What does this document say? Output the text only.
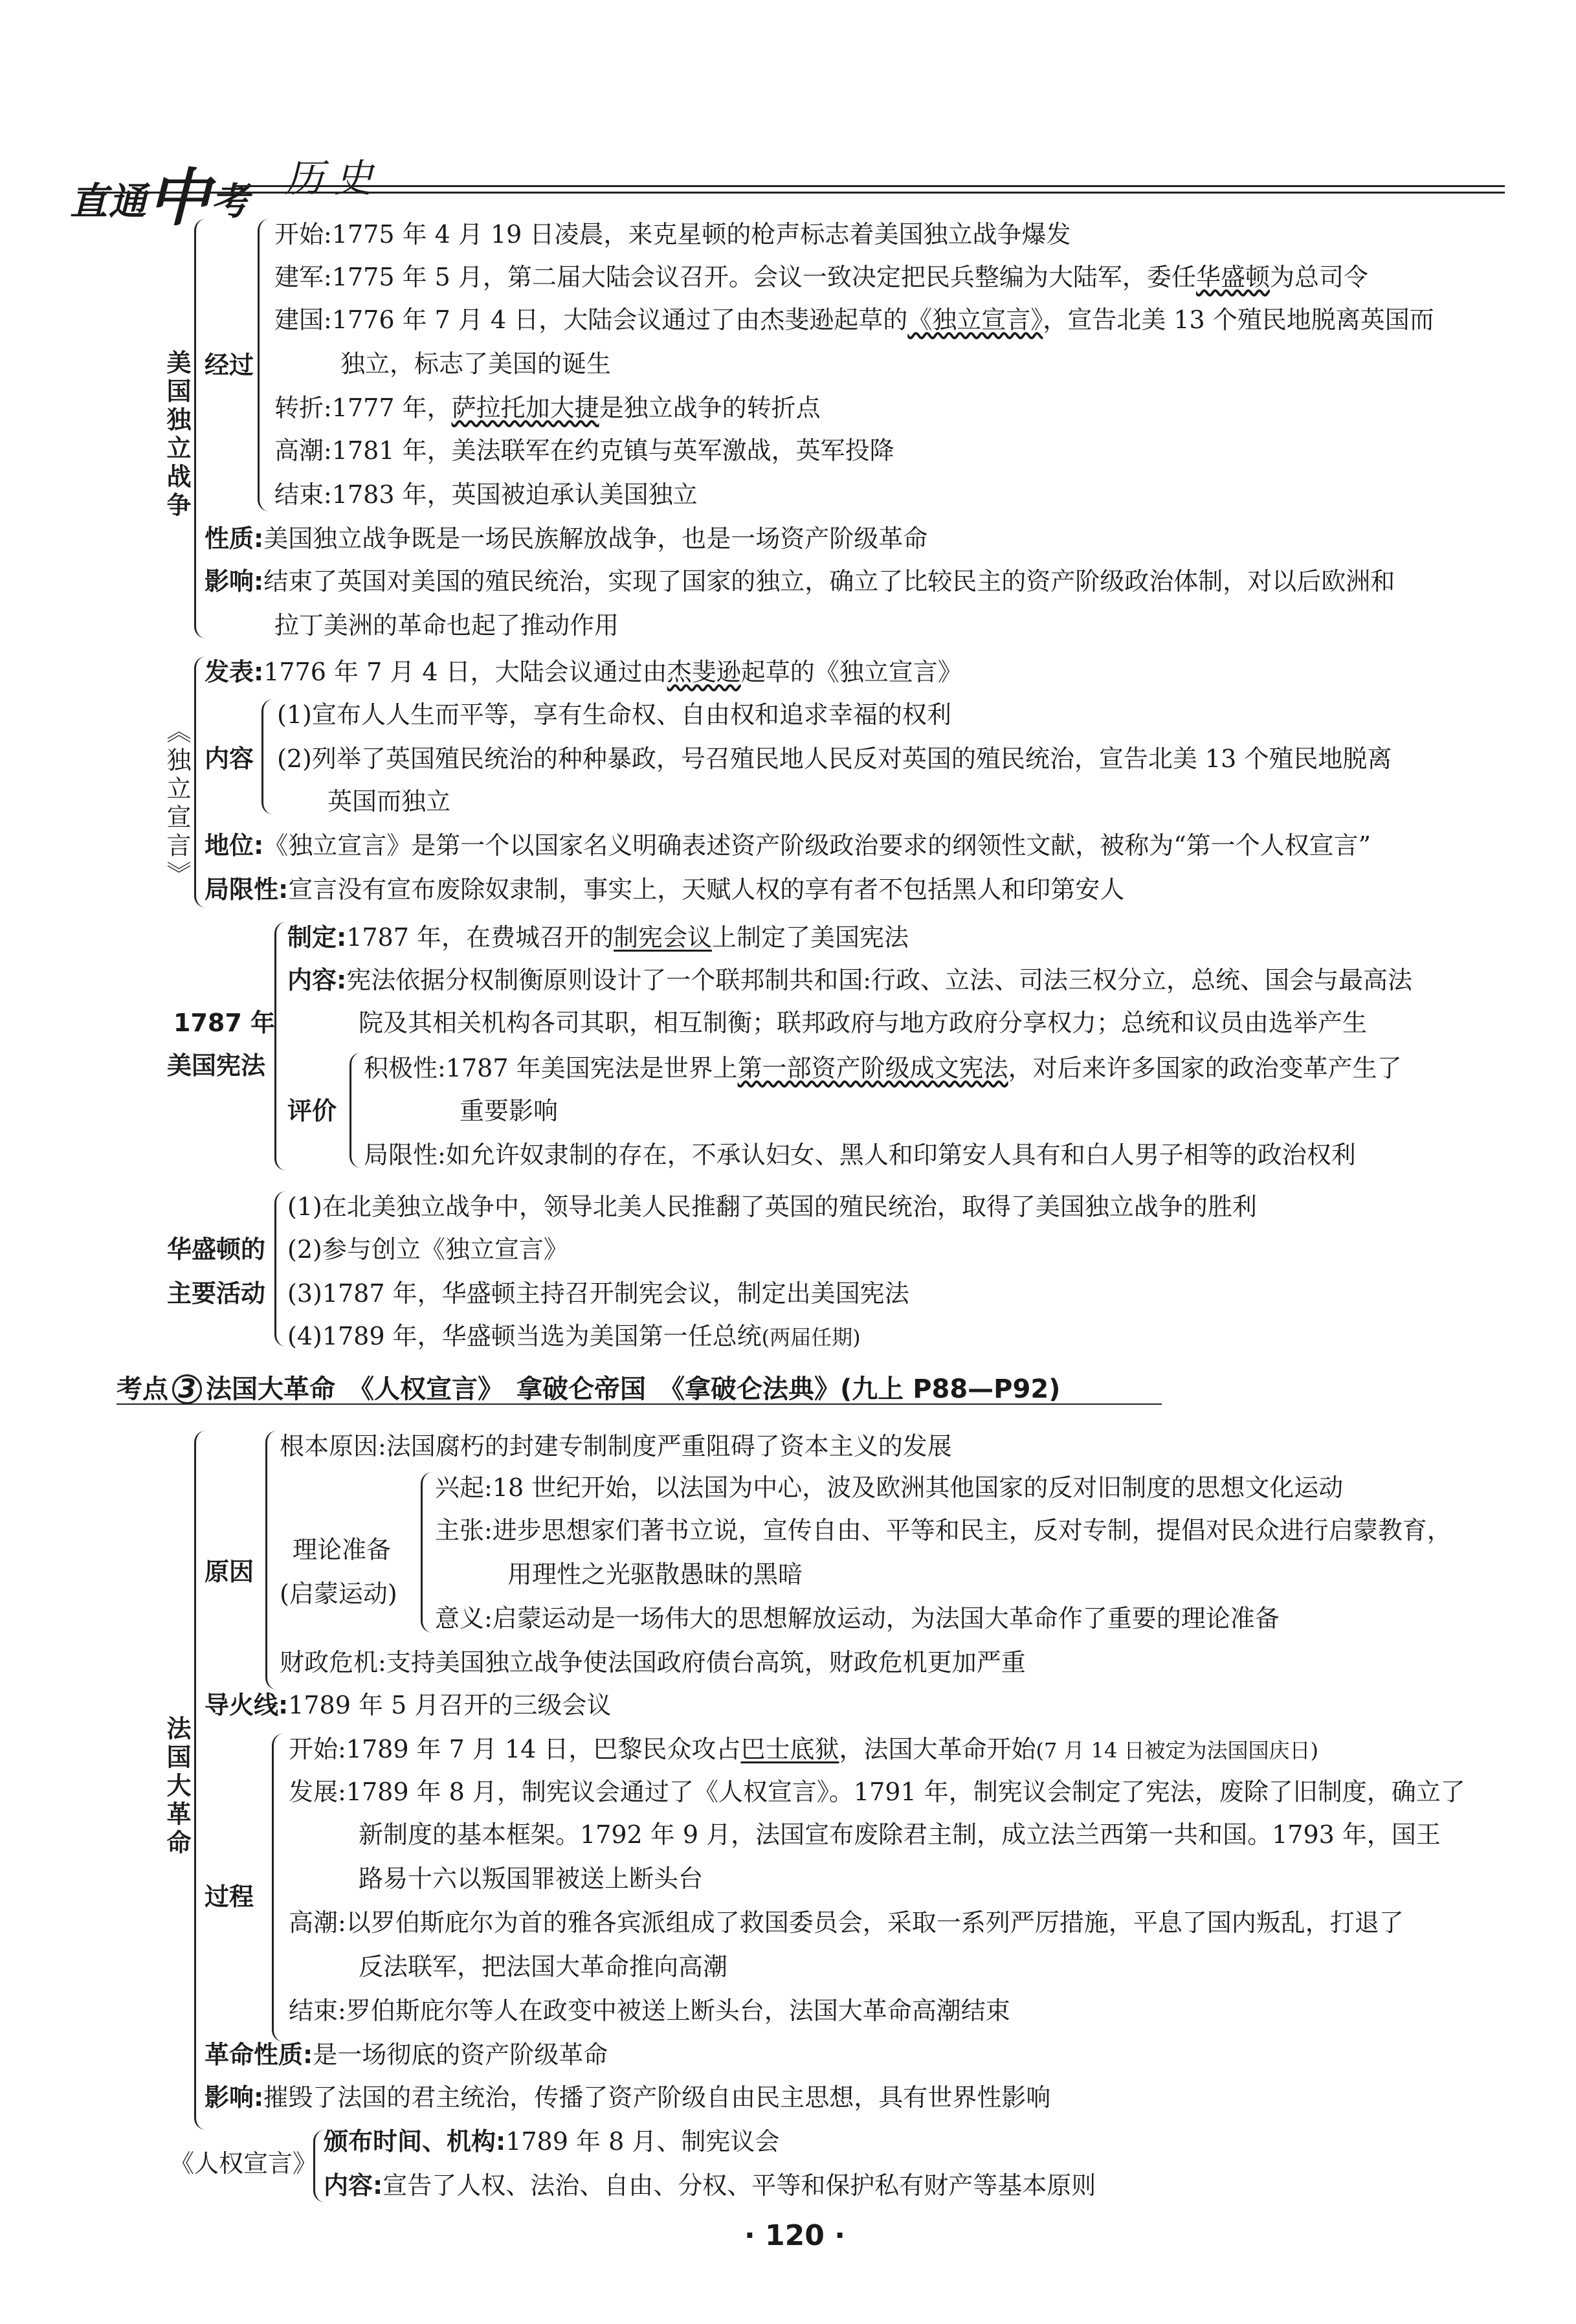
直通中考 历史
美国独立战争 经过
开始:1775 年 4 月 19 日凌晨，来克星顿的枪声标志着美国独立战争爆发
建军:1775 年 5 月，第二届大陆会议召开。会议一致决定把民兵整编为大陆军，委任华盛顿为总司令
建国:1776 年 7 月 4 日，大陆会议通过了由杰斐逊起草的《独立宣言》，宣告北美 13 个殖民地脱离英国而
独立，标志了美国的诞生
转折:1777 年，萨拉托加大捷是独立战争的转折点
高潮:1781 年，美法联军在约克镇与英军激战，英军投降
结束:1783 年，英国被迫承认美国独立
性质:美国独立战争既是一场民族解放战争，也是一场资产阶级革命
影响:结束了英国对美国的殖民统治，实现了国家的独立，确立了比较民主的资产阶级政治体制，对以后欧洲和
拉丁美洲的革命也起了推动作用
《独立宣言》
发表:1776 年 7 月 4 日，大陆会议通过由杰斐逊起草的《独立宣言》
内容
(1)宣布人人生而平等，享有生命权、自由权和追求幸福的权利
(2)列举了英国殖民统治的种种暴政，号召殖民地人民反对英国的殖民统治，宣告北美 13 个殖民地脱离
英国而独立
地位:《独立宣言》是第一个以国家名义明确表述资产阶级政治要求的纲领性文献，被称为“第一个人权宣言”
局限性:宣言没有宣布废除奴隶制，事实上，天赋人权的享有者不包括黑人和印第安人
1787 年
美国宪法
制定:1787 年，在费城召开的制宪会议上制定了美国宪法
内容:宪法依据分权制衡原则设计了一个联邦制共和国:行政、立法、司法三权分立，总统、国会与最高法
院及其相关机构各司其职，相互制衡；联邦政府与地方政府分享权力；总统和议员由选举产生
评价
积极性:1787 年美国宪法是世界上第一部资产阶级成文宪法，对后来许多国家的政治变革产生了
重要影响
局限性:如允许奴隶制的存在，不承认妇女、黑人和印第安人具有和白人男子相等的政治权利
华盛顿的
主要活动
(1)在北美独立战争中，领导北美人民推翻了英国的殖民统治，取得了美国独立战争的胜利
(2)参与创立《独立宣言》
(3)1787 年，华盛顿主持召开制宪会议，制定出美国宪法
(4)1789 年，华盛顿当选为美国第一任总统(两届任期)
考点 3 法国大革命　《人权宣言》　拿破仑帝国　《拿破仑法典》(九上 P88—P92)
法国大革命
原因
根本原因:法国腐朽的封建专制制度严重阻碍了资本主义的发展
理论准备
(启蒙运动)
兴起:18 世纪开始，以法国为中心，波及欧洲其他国家的反对旧制度的思想文化运动
主张:进步思想家们著书立说，宣传自由、平等和民主，反对专制，提倡对民众进行启蒙教育，
用理性之光驱散愚昧的黑暗
意义:启蒙运动是一场伟大的思想解放运动，为法国大革命作了重要的理论准备
财政危机:支持美国独立战争使法国政府债台高筑，财政危机更加严重
导火线:1789 年 5 月召开的三级会议
过程
开始:1789 年 7 月 14 日，巴黎民众攻占巴士底狱，法国大革命开始(7 月 14 日被定为法国国庆日)
发展:1789 年 8 月，制宪议会通过了《人权宣言》。1791 年，制宪议会制定了宪法，废除了旧制度，确立了
新制度的基本框架。1792 年 9 月，法国宣布废除君主制，成立法兰西第一共和国。1793 年，国王
路易十六以叛国罪被送上断头台
高潮:以罗伯斯庇尔为首的雅各宾派组成了救国委员会，采取一系列严厉措施，平息了国内叛乱，打退了
反法联军，把法国大革命推向高潮
结束:罗伯斯庇尔等人在政变中被送上断头台，法国大革命高潮结束
革命性质:是一场彻底的资产阶级革命
影响:摧毁了法国的君主统治，传播了资产阶级自由民主思想，具有世界性影响
《人权宣言》
颁布时间、机构:1789 年 8 月、制宪议会
内容:宣告了人权、法治、自由、分权、平等和保护私有财产等基本原则
· 120 ·
